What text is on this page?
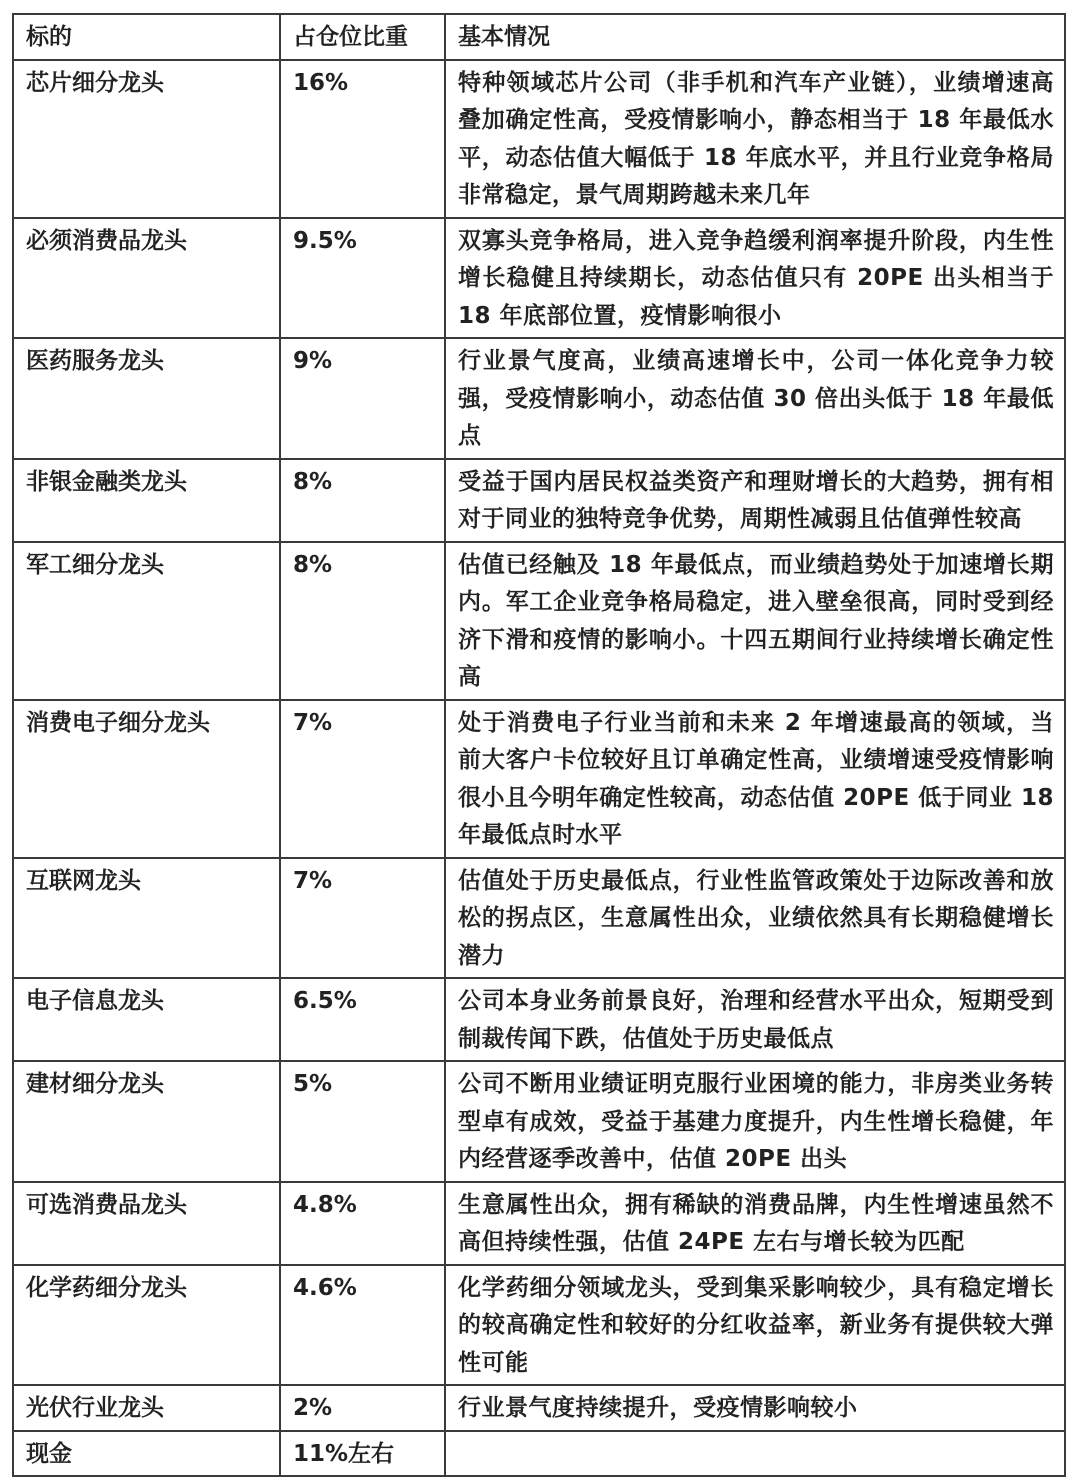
标的	占仓位比重	基本情况
芯片细分龙头	16%	特种领域芯片公司（非手机和汽车产业链），业绩增速高叠加确定性高，受疫情影响小，静态相当于 18 年最低水平，动态估值大幅低于 18 年底水平，并且行业竞争格局非常稳定，景气周期跨越未来几年
必须消费品龙头	9.5%	双寡头竞争格局，进入竞争趋缓利润率提升阶段，内生性增长稳健且持续期长，动态估值只有 20PE 出头相当于 18 年底部位置，疫情影响很小
医药服务龙头	9%	行业景气度高，业绩高速增长中，公司一体化竞争力较强，受疫情影响小，动态估值 30 倍出头低于 18 年最低点
非银金融类龙头	8%	受益于国内居民权益类资产和理财增长的大趋势，拥有相对于同业的独特竞争优势，周期性减弱且估值弹性较高
军工细分龙头	8%	估值已经触及 18 年最低点，而业绩趋势处于加速增长期内。军工企业竞争格局稳定，进入壁垒很高，同时受到经济下滑和疫情的影响小。十四五期间行业持续增长确定性高
消费电子细分龙头	7%	处于消费电子行业当前和未来 2 年增速最高的领域，当前大客户卡位较好且订单确定性高，业绩增速受疫情影响很小且今明年确定性较高，动态估值 20PE 低于同业 18 年最低点时水平
互联网龙头	7%	估值处于历史最低点，行业性监管政策处于边际改善和放松的拐点区，生意属性出众，业绩依然具有长期稳健增长潜力
电子信息龙头	6.5%	公司本身业务前景良好，治理和经营水平出众，短期受到制裁传闻下跌，估值处于历史最低点
建材细分龙头	5%	公司不断用业绩证明克服行业困境的能力，非房类业务转型卓有成效，受益于基建力度提升，内生性增长稳健，年内经营逐季改善中，估值 20PE 出头
可选消费品龙头	4.8%	生意属性出众，拥有稀缺的消费品牌，内生性增速虽然不高但持续性强，估值 24PE 左右与增长较为匹配
化学药细分龙头	4.6%	化学药细分领域龙头，受到集采影响较少，具有稳定增长的较高确定性和较好的分红收益率，新业务有提供较大弹性可能
光伏行业龙头	2%	行业景气度持续提升，受疫情影响较小
现金	11%左右	
